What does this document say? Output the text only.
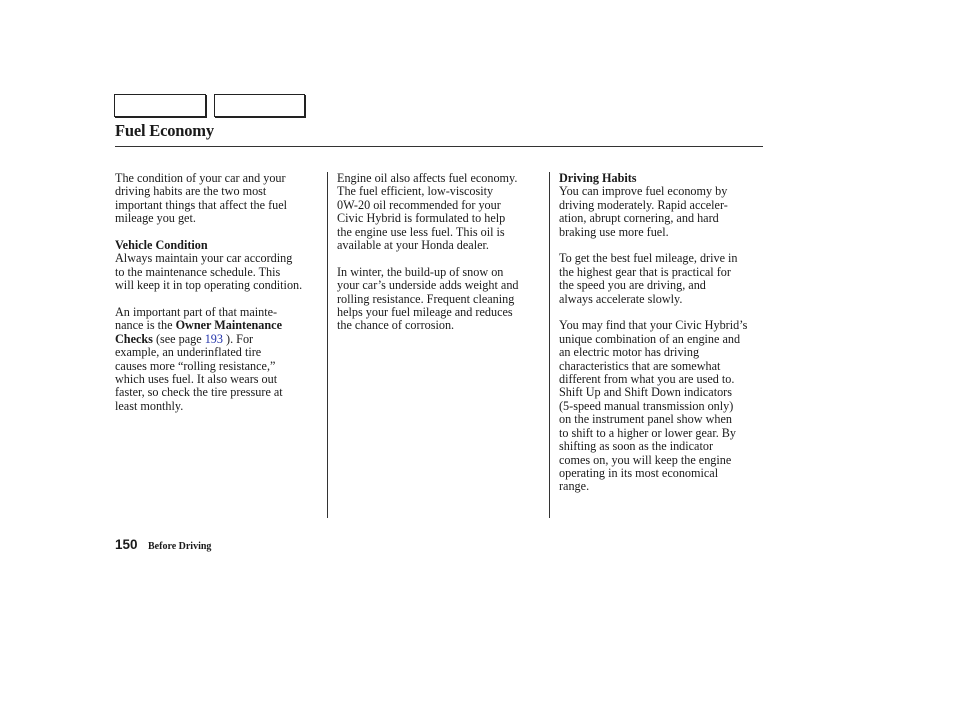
Fuel Economy

The condition of your car and your
driving habits are the two most
important things that affect the fuel
mileage you get.

Vehicle Condition
Always maintain your car according
to the maintenance schedule. This
will keep it in top operating condition.

An important part of that mainte-
nance is the Owner Maintenance
Checks (see page 193 ). For
example, an underinflated tire
causes more “rolling resistance,”
which uses fuel. It also wears out
faster, so check the tire pressure at
least monthly.

Engine oil also affects fuel economy.
The fuel efficient, low-viscosity
0W-20 oil recommended for your
Civic Hybrid is formulated to help
the engine use less fuel. This oil is
available at your Honda dealer.

In winter, the build-up of snow on
your car’s underside adds weight and
rolling resistance. Frequent cleaning
helps your fuel mileage and reduces
the chance of corrosion.

Driving Habits
You can improve fuel economy by
driving moderately. Rapid acceler-
ation, abrupt cornering, and hard
braking use more fuel.

To get the best fuel mileage, drive in
the highest gear that is practical for
the speed you are driving, and
always accelerate slowly.

You may find that your Civic Hybrid’s
unique combination of an engine and
an electric motor has driving
characteristics that are somewhat
different from what you are used to.
Shift Up and Shift Down indicators
(5-speed manual transmission only)
on the instrument panel show when
to shift to a higher or lower gear. By
shifting as soon as the indicator
comes on, you will keep the engine
operating in its most economical
range.

150 Before Driving
